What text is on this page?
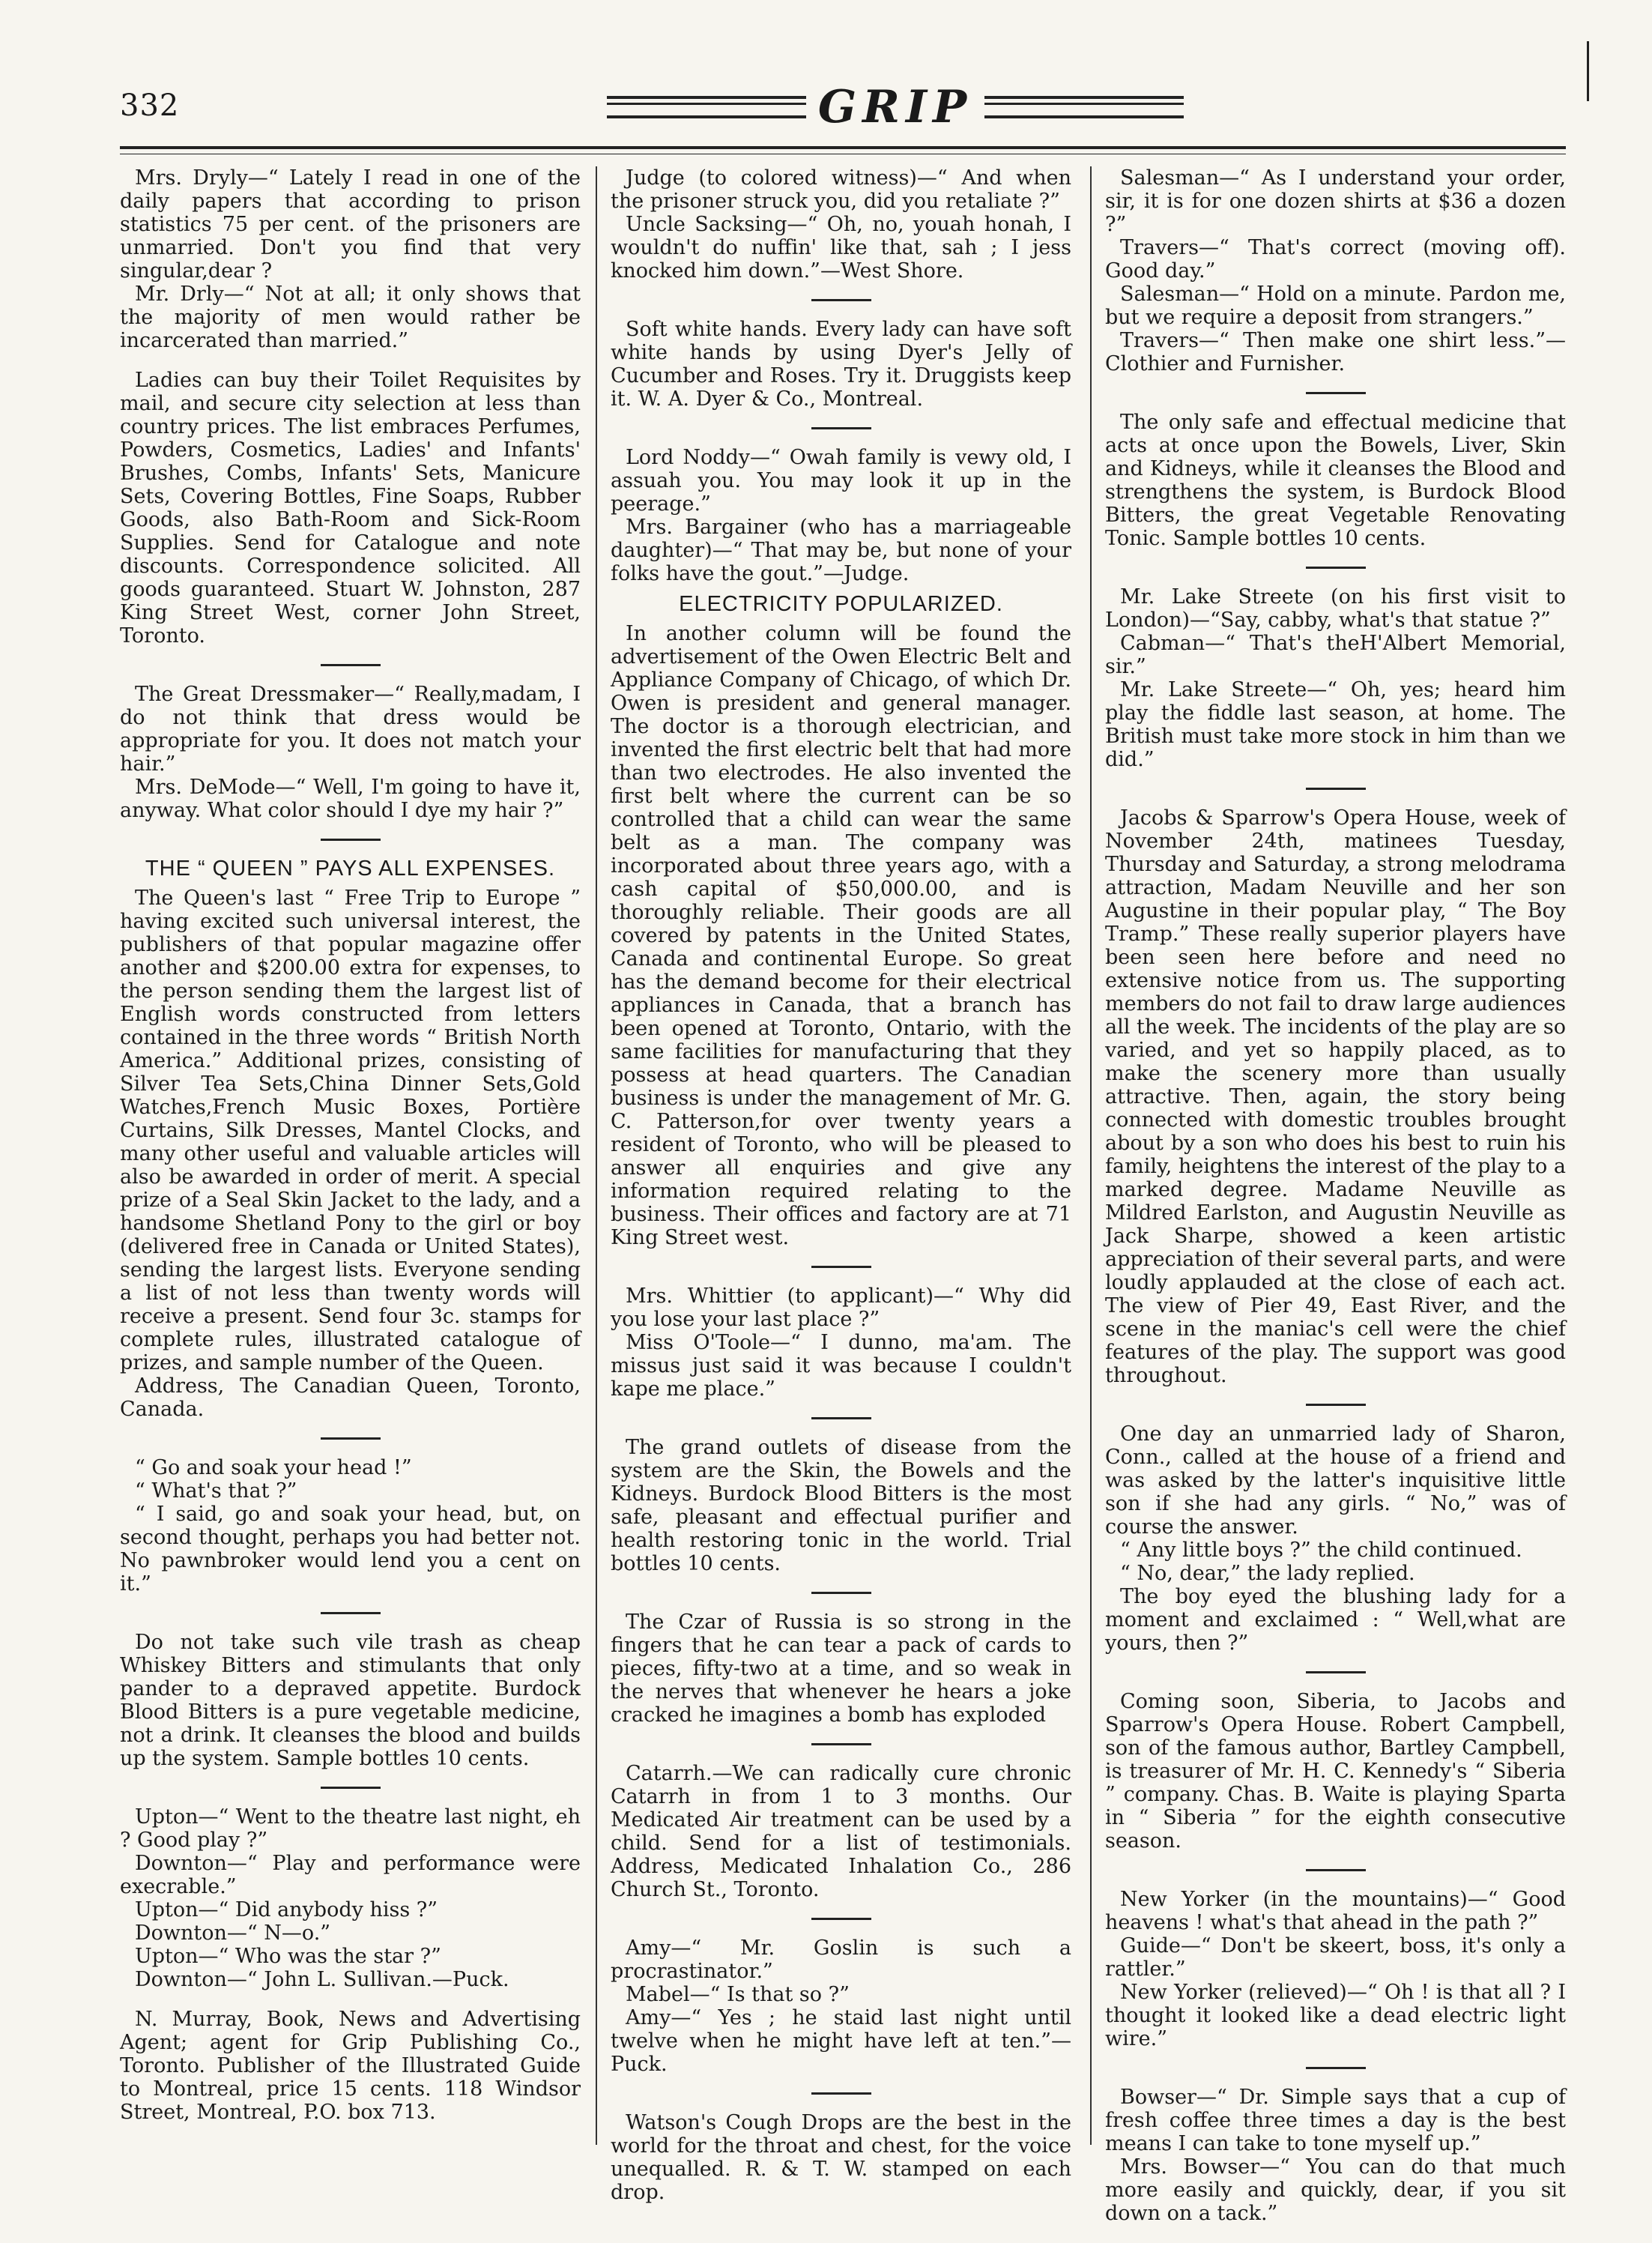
332	GRIP

Mrs. Dryly—“ Lately I read in one of the daily papers that according to prison statistics 75 per cent. of the prisoners are unmarried. Don't you find that very singular,dear ?

Mr. Drly—“ Not at all; it only shows that the majority of men would rather be incarcerated than married.”

Ladies can buy their Toilet Requisites by mail, and secure city selection at less than country prices. The list embraces Perfumes, Powders, Cosmetics, Ladies' and Infants' Brushes, Combs, Infants' Sets, Manicure Sets, Covering Bottles, Fine Soaps, Rubber Goods, also Bath-Room and Sick-Room Supplies. Send for Catalogue and note discounts. Correspondence solicited. All goods guaranteed. Stuart W. Johnston, 287 King Street West, corner John Street, Toronto.

The Great Dressmaker—“ Really,madam, I do not think that dress would be appropriate for you. It does not match your hair.”

Mrs. DeMode—“ Well, I'm going to have it, anyway. What color should I dye my hair ?”

THE “ QUEEN ” PAYS ALL EXPENSES.

The Queen's last “ Free Trip to Europe ” having excited such universal interest, the publishers of that popular magazine offer another and $200.00 extra for expenses, to the person sending them the largest list of English words constructed from letters contained in the three words “ British North America.” Additional prizes, consisting of Silver Tea Sets,China Dinner Sets,Gold Watches,French Music Boxes, Portière Curtains, Silk Dresses, Mantel Clocks, and many other useful and valuable articles will also be awarded in order of merit. A special prize of a Seal Skin Jacket to the lady, and a handsome Shetland Pony to the girl or boy (delivered free in Canada or United States), sending the largest lists. Everyone sending a list of not less than twenty words will receive a present. Send four 3c. stamps for complete rules, illustrated catalogue of prizes, and sample number of the Queen.

Address, The Canadian Queen, Toronto, Canada.

“ Go and soak your head !”

“ What's that ?”

“ I said, go and soak your head, but, on second thought, perhaps you had better not. No pawnbroker would lend you a cent on it.”

Do not take such vile trash as cheap Whiskey Bitters and stimulants that only pander to a depraved appetite. Burdock Blood Bitters is a pure vegetable medicine, not a drink. It cleanses the blood and builds up the system. Sample bottles 10 cents.

Upton—“ Went to the theatre last night, eh ? Good play ?”

Downton—“ Play and performance were execrable.”

Upton—“ Did anybody hiss ?”

Downton—“ N—o.”

Upton—“ Who was the star ?”

Downton—“ John L. Sullivan.—Puck.

N. Murray, Book, News and Advertising Agent; agent for Grip Publishing Co., Toronto. Publisher of the Illustrated Guide to Montreal, price 15 cents. 118 Windsor Street, Montreal, P.O. box 713.

Judge (to colored witness)—“ And when the prisoner struck you, did you retaliate ?”

Uncle Sacksing—“ Oh, no, youah honah, I wouldn't do nuffin' like that, sah ; I jess knocked him down.”—West Shore.

Soft white hands. Every lady can have soft white hands by using Dyer's Jelly of Cucumber and Roses. Try it. Druggists keep it. W. A. Dyer & Co., Montreal.

Lord Noddy—“ Owah family is vewy old, I assuah you. You may look it up in the peerage.”

Mrs. Bargainer (who has a marriageable daughter)—“ That may be, but none of your folks have the gout.”—Judge.

ELECTRICITY POPULARIZED.

In another column will be found the advertisement of the Owen Electric Belt and Appliance Company of Chicago, of which Dr. Owen is president and general manager. The doctor is a thorough electrician, and invented the first electric belt that had more than two electrodes. He also invented the first belt where the current can be so controlled that a child can wear the same belt as a man. The company was incorporated about three years ago, with a cash capital of $50,000.00, and is thoroughly reliable. Their goods are all covered by patents in the United States, Canada and continental Europe. So great has the demand become for their electrical appliances in Canada, that a branch has been opened at Toronto, Ontario, with the same facilities for manufacturing that they possess at head quarters. The Canadian business is under the management of Mr. G. C. Patterson,for over twenty years a resident of Toronto, who will be pleased to answer all enquiries and give any information required relating to the business. Their offices and factory are at 71 King Street west.

Mrs. Whittier (to applicant)—“ Why did you lose your last place ?”

Miss O'Toole—“ I dunno, ma'am. The missus just said it was because I couldn't kape me place.”

The grand outlets of disease from the system are the Skin, the Bowels and the Kidneys. Burdock Blood Bitters is the most safe, pleasant and effectual purifier and health restoring tonic in the world. Trial bottles 10 cents.

The Czar of Russia is so strong in the fingers that he can tear a pack of cards to pieces, fifty-two at a time, and so weak in the nerves that whenever he hears a joke cracked he imagines a bomb has exploded

Catarrh.—We can radically cure chronic Catarrh in from 1 to 3 months. Our Medicated Air treatment can be used by a child. Send for a list of testimonials. Address, Medicated Inhalation Co., 286 Church St., Toronto.

Amy—“ Mr. Goslin is such a procrastinator.”

Mabel—“ Is that so ?”

Amy—“ Yes ; he staid last night until twelve when he might have left at ten.”—Puck.

Watson's Cough Drops are the best in the world for the throat and chest, for the voice unequalled. R. & T. W. stamped on each drop.

Salesman—“ As I understand your order, sir, it is for one dozen shirts at $36 a dozen ?”

Travers—“ That's correct (moving off). Good day.”

Salesman—“ Hold on a minute. Pardon me, but we require a deposit from strangers.”

Travers—“ Then make one shirt less.”—Clothier and Furnisher.

The only safe and effectual medicine that acts at once upon the Bowels, Liver, Skin and Kidneys, while it cleanses the Blood and strengthens the system, is Burdock Blood Bitters, the great Vegetable Renovating Tonic. Sample bottles 10 cents.

Mr. Lake Streete (on his first visit to London)—“Say, cabby, what's that statue ?”

Cabman—“ That's theH'Albert Memorial, sir.”

Mr. Lake Streete—“ Oh, yes; heard him play the fiddle last season, at home. The British must take more stock in him than we did.”

Jacobs & Sparrow's Opera House, week of November 24th, matinees Tuesday, Thursday and Saturday, a strong melodrama attraction, Madam Neuville and her son Augustine in their popular play, “ The Boy Tramp.” These really superior players have been seen here before and need no extensive notice from us. The supporting members do not fail to draw large audiences all the week. The incidents of the play are so varied, and yet so happily placed, as to make the scenery more than usually attractive. Then, again, the story being connected with domestic troubles brought about by a son who does his best to ruin his family, heightens the interest of the play to a marked degree. Madame Neuville as Mildred Earlston, and Augustin Neuville as Jack Sharpe, showed a keen artistic appreciation of their several parts, and were loudly applauded at the close of each act. The view of Pier 49, East River, and the scene in the maniac's cell were the chief features of the play. The support was good throughout.

One day an unmarried lady of Sharon, Conn., called at the house of a friend and was asked by the latter's inquisitive little son if she had any girls. “ No,” was of course the answer.

“ Any little boys ?” the child continued.

“ No, dear,” the lady replied.

The boy eyed the blushing lady for a moment and exclaimed : “ Well,what are yours, then ?”

Coming soon, Siberia, to Jacobs and Sparrow's Opera House. Robert Campbell, son of the famous author, Bartley Campbell, is treasurer of Mr. H. C. Kennedy's “ Siberia ” company. Chas. B. Waite is playing Sparta in “ Siberia ” for the eighth consecutive season.

New Yorker (in the mountains)—“ Good heavens ! what's that ahead in the path ?”

Guide—“ Don't be skeert, boss, it's only a rattler.”

New Yorker (relieved)—“ Oh ! is that all ? I thought it looked like a dead electric light wire.”

Bowser—“ Dr. Simple says that a cup of fresh coffee three times a day is the best means I can take to tone myself up.”

Mrs. Bowser—“ You can do that much more easily and quickly, dear, if you sit down on a tack.”
